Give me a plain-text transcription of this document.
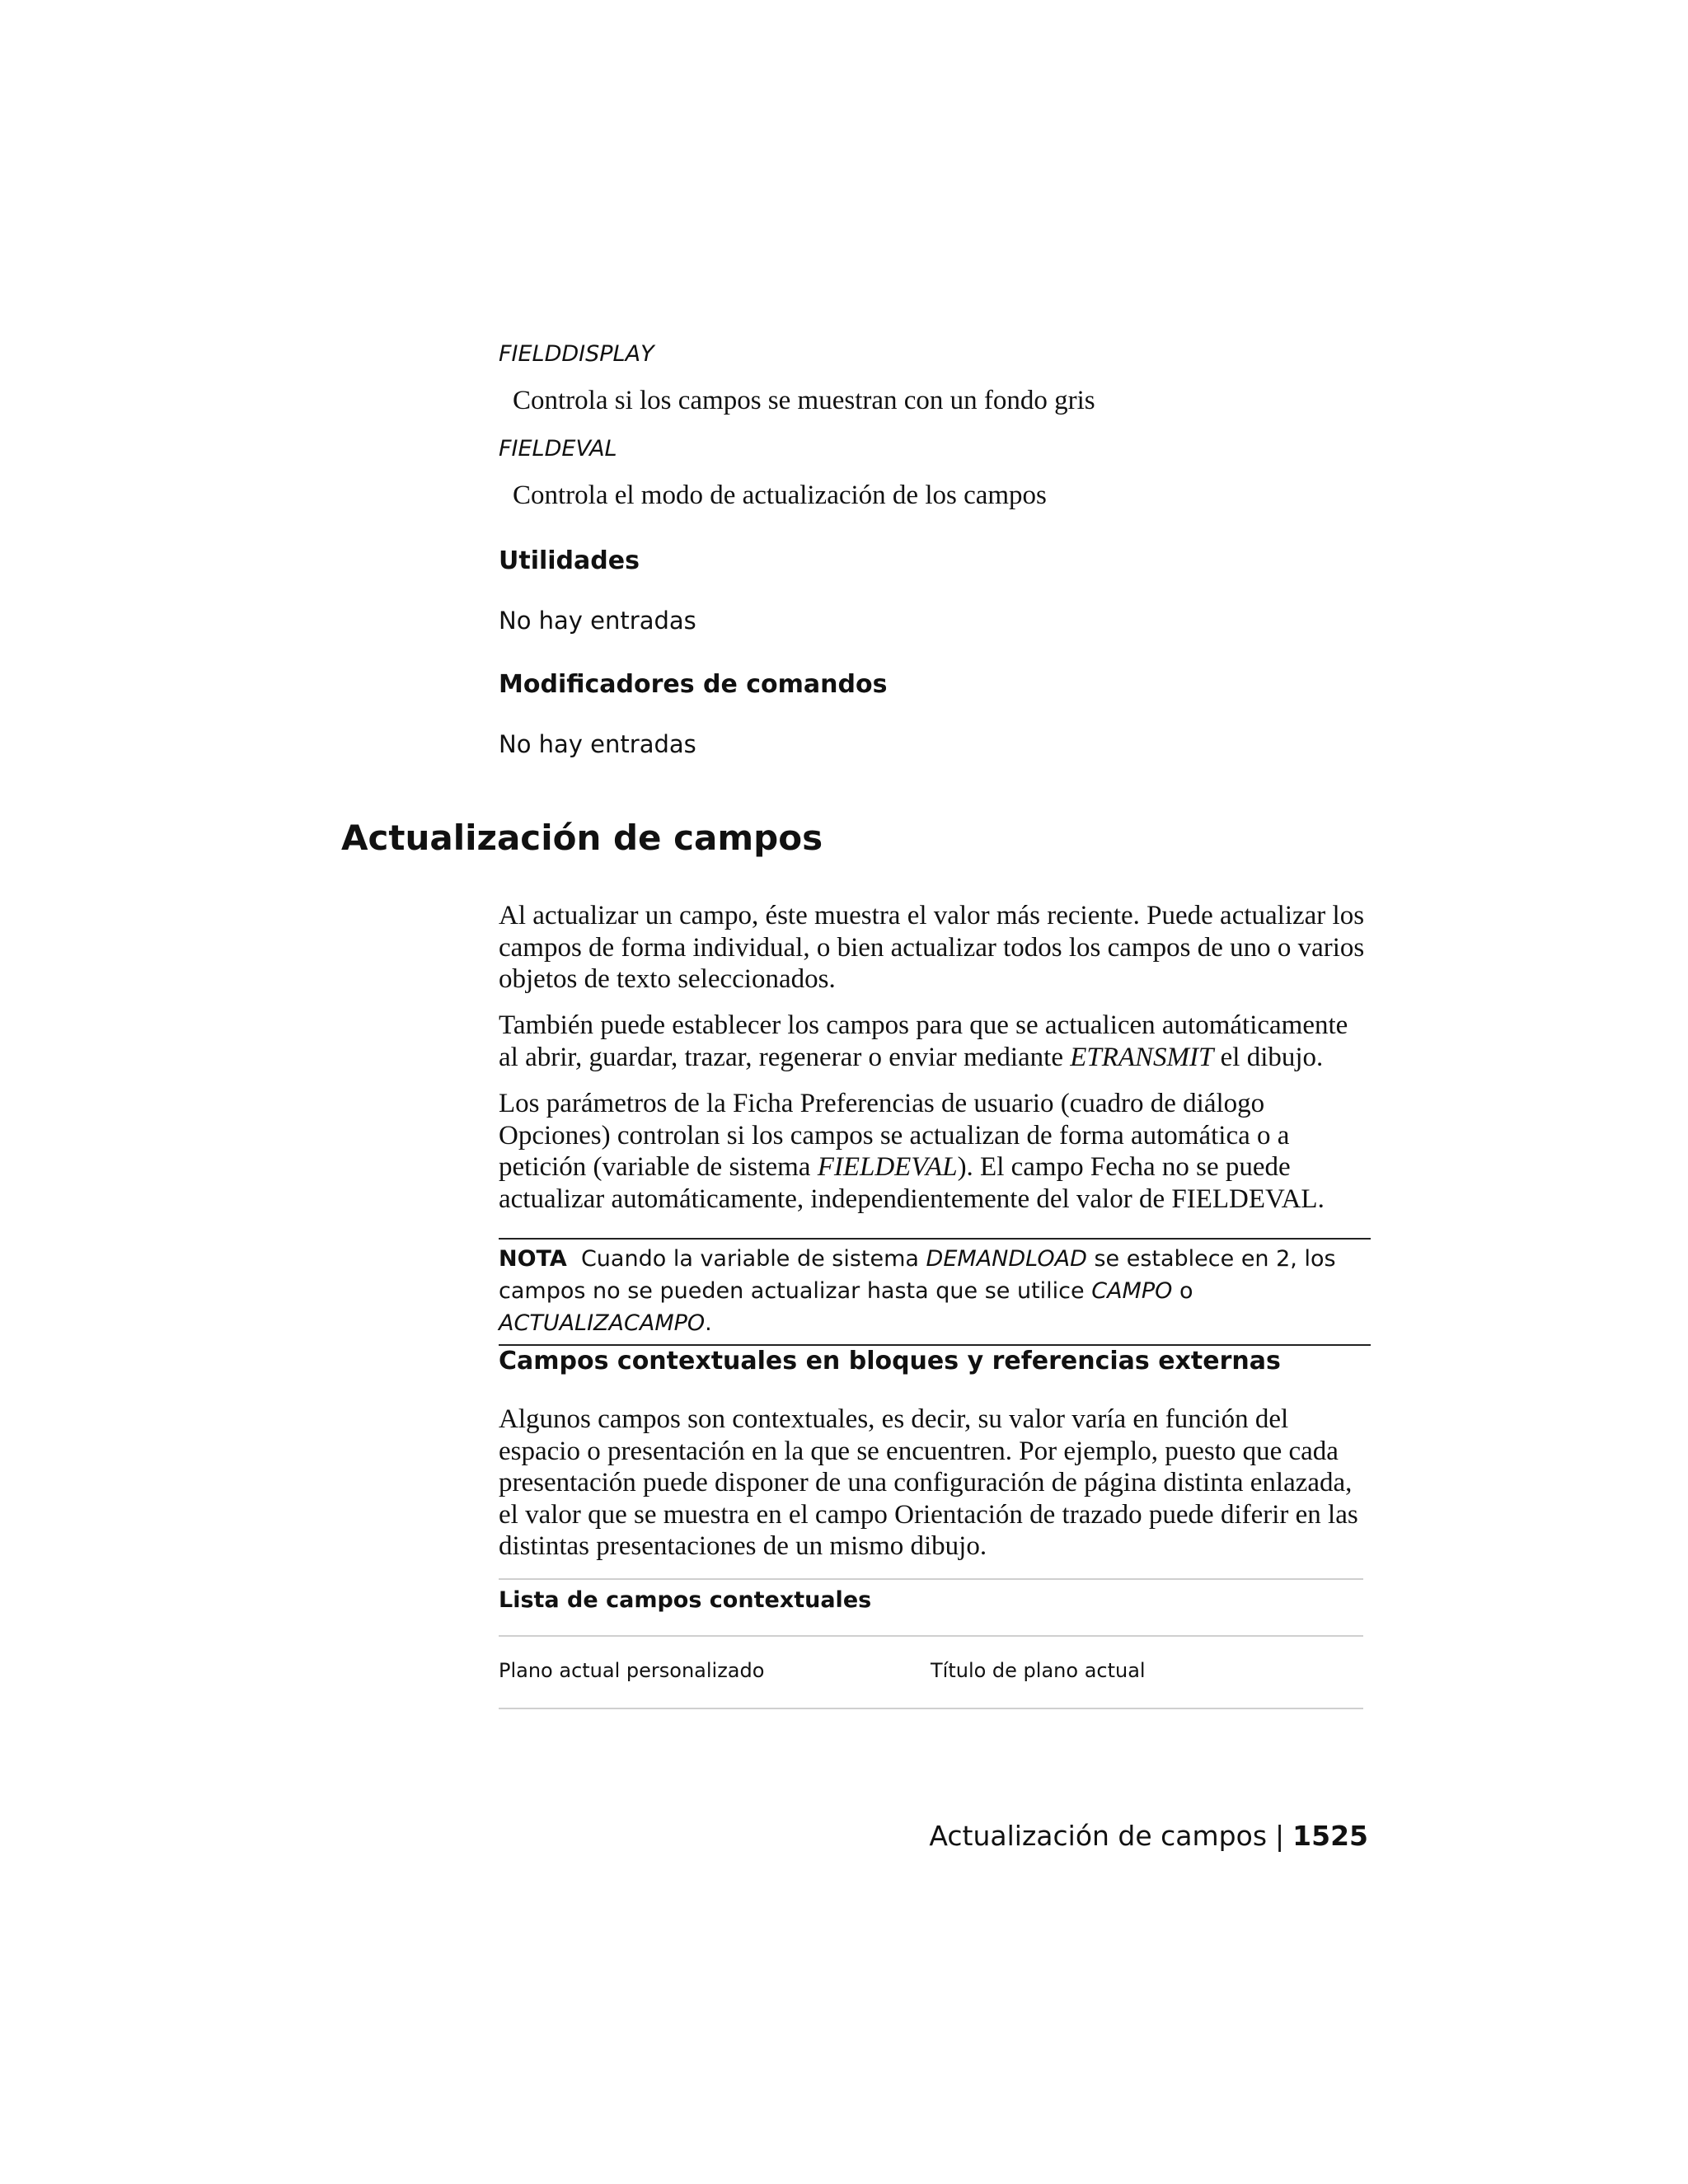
FIELDDISPLAY
Controla si los campos se muestran con un fondo gris
FIELDEVAL
Controla el modo de actualización de los campos
Utilidades
No hay entradas
Modificadores de comandos
No hay entradas
Actualización de campos

Al actualizar un campo, éste muestra el valor más reciente. Puede actualizar los campos de forma individual, o bien actualizar todos los campos de uno o varios objetos de texto seleccionados.

También puede establecer los campos para que se actualicen automáticamente al abrir, guardar, trazar, regenerar o enviar mediante ETRANSMIT el dibujo.

Los parámetros de la Ficha Preferencias de usuario (cuadro de diálogo Opciones) controlan si los campos se actualizan de forma automática o a petición (variable de sistema FIELDEVAL). El campo Fecha no se puede actualizar automáticamente, independientemente del valor de FIELDEVAL.

NOTA Cuando la variable de sistema DEMANDLOAD se establece en 2, los campos no se pueden actualizar hasta que se utilice CAMPO o ACTUALIZACAMPO.
Campos contextuales en bloques y referencias externas

Algunos campos son contextuales, es decir, su valor varía en función del espacio o presentación en la que se encuentren. Por ejemplo, puesto que cada presentación puede disponer de una configuración de página distinta enlazada, el valor que se muestra en el campo Orientación de trazado puede diferir en las distintas presentaciones de un mismo dibujo.

Lista de campos contextuales
Plano actual personalizado	Título de plano actual
Actualización de campos | 1525
